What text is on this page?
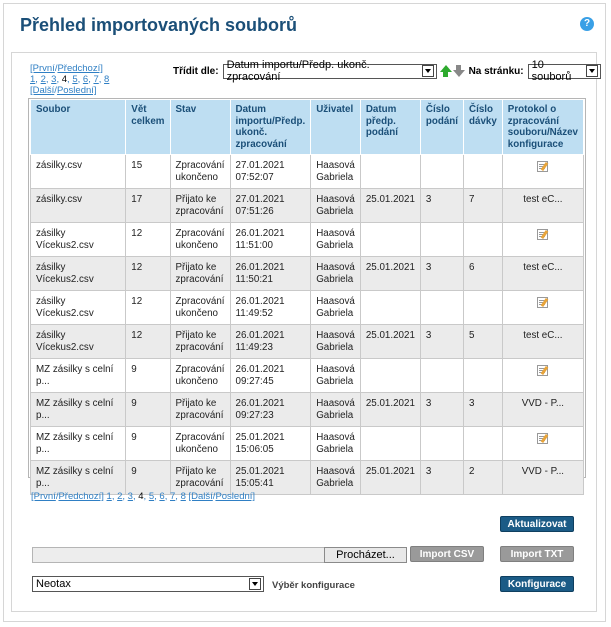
Přehled importovaných souborů	?
[První/Předchozí]
1, 2, 3, 4, 5, 6, 7, 8
[Další/Poslední]
Třídit dle: Datum importu/Předp. ukonč. zpracování	Na stránku: 10 souborů
Soubor	Vět celkem	Stav	Datum importu/Předp. ukonč. zpracování	Uživatel	Datum předp. podání	Číslo podání	Číslo dávky	Protokol o zpracování souboru/Název konfigurace
zásilky.csv	15	Zpracování ukončeno	27.01.2021 07:52:07	Haasová Gabriela				
zásilky.csv	17	Přijato ke zpracování	27.01.2021 07:51:26	Haasová Gabriela	25.01.2021	3	7	test eC...
zásilky Vícekus2.csv	12	Zpracování ukončeno	26.01.2021 11:51:00	Haasová Gabriela				
zásilky Vícekus2.csv	12	Přijato ke zpracování	26.01.2021 11:50:21	Haasová Gabriela	25.01.2021	3	6	test eC...
zásilky Vícekus2.csv	12	Zpracování ukončeno	26.01.2021 11:49:52	Haasová Gabriela				
zásilky Vícekus2.csv	12	Přijato ke zpracování	26.01.2021 11:49:23	Haasová Gabriela	25.01.2021	3	5	test eC...
MZ zásilky s celní p...	9	Zpracování ukončeno	26.01.2021 09:27:45	Haasová Gabriela				
MZ zásilky s celní p...	9	Přijato ke zpracování	26.01.2021 09:27:23	Haasová Gabriela	25.01.2021	3	3	VVD - P...
MZ zásilky s celní p...	9	Zpracování ukončeno	25.01.2021 15:06:05	Haasová Gabriela				
MZ zásilky s celní p...	9	Přijato ke zpracování	25.01.2021 15:05:41	Haasová Gabriela	25.01.2021	3	2	VVD - P...
[První/Předchozí] 1, 2, 3, 4, 5, 6, 7, 8 [Další/Poslední]
Aktualizovat
Procházet...	Import CSV	Import TXT
Neotax	Výběr konfigurace	Konfigurace
